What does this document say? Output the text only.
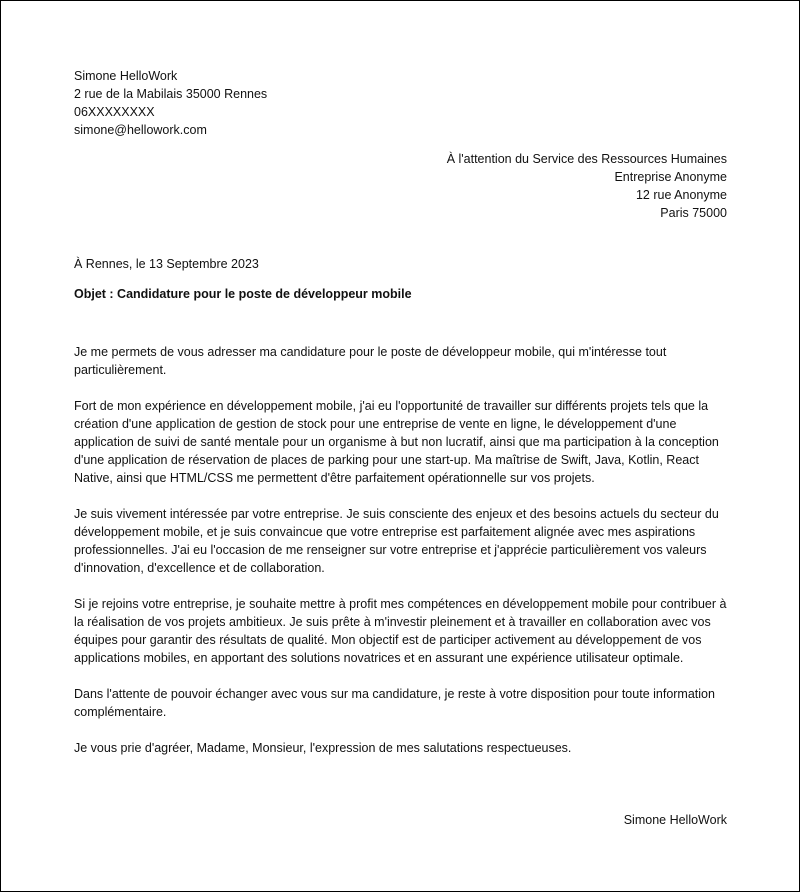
Simone HelloWork
2 rue de la Mabilais 35000 Rennes
06XXXXXXXX
simone@hellowork.com
À l'attention du Service des Ressources Humaines
Entreprise Anonyme
12 rue Anonyme
Paris 75000
À Rennes, le 13 Septembre 2023
Objet : Candidature pour le poste de développeur mobile

Je me permets de vous adresser ma candidature pour le poste de développeur mobile, qui m'intéresse tout particulièrement.

Fort de mon expérience en développement mobile, j'ai eu l'opportunité de travailler sur différents projets tels que la création d'une application de gestion de stock pour une entreprise de vente en ligne, le développement d'une application de suivi de santé mentale pour un organisme à but non lucratif, ainsi que ma participation à la conception d'une application de réservation de places de parking pour une start-up. Ma maîtrise de Swift, Java, Kotlin, React Native, ainsi que HTML/CSS me permettent d'être parfaitement opérationnelle sur vos projets.

Je suis vivement intéressée par votre entreprise. Je suis consciente des enjeux et des besoins actuels du secteur du développement mobile, et je suis convaincue que votre entreprise est parfaitement alignée avec mes aspirations professionnelles. J'ai eu l'occasion de me renseigner sur votre entreprise et j'apprécie particulièrement vos valeurs d'innovation, d'excellence et de collaboration.

Si je rejoins votre entreprise, je souhaite mettre à profit mes compétences en développement mobile pour contribuer à la réalisation de vos projets ambitieux. Je suis prête à m'investir pleinement et à travailler en collaboration avec vos équipes pour garantir des résultats de qualité. Mon objectif est de participer activement au développement de vos applications mobiles, en apportant des solutions novatrices et en assurant une expérience utilisateur optimale.

Dans l'attente de pouvoir échanger avec vous sur ma candidature, je reste à votre disposition pour toute information complémentaire.

Je vous prie d'agréer, Madame, Monsieur, l'expression de mes salutations respectueuses.

Simone HelloWork
